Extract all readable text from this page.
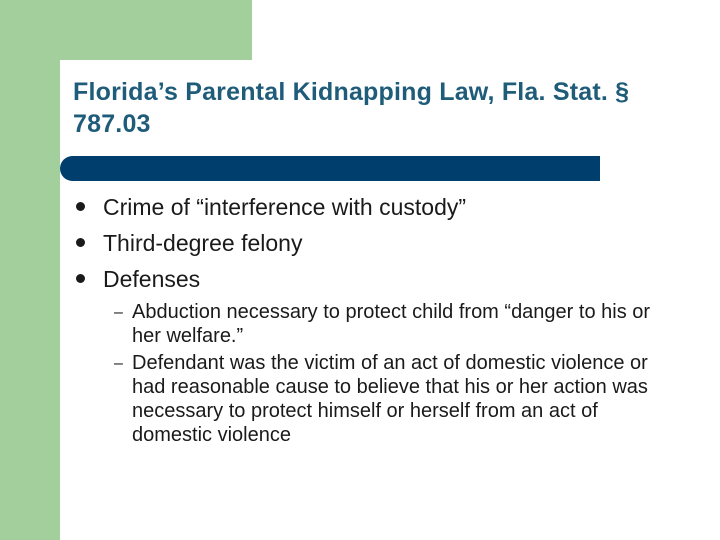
Florida’s Parental Kidnapping Law, Fla. Stat. § 787.03
Crime of “interference with custody”
Third-degree felony
Defenses
– Abduction necessary to protect child from “danger to his or her welfare.”
– Defendant was the victim of an act of domestic violence or had reasonable cause to believe that his or her action was necessary to protect himself or herself from an act of domestic violence
